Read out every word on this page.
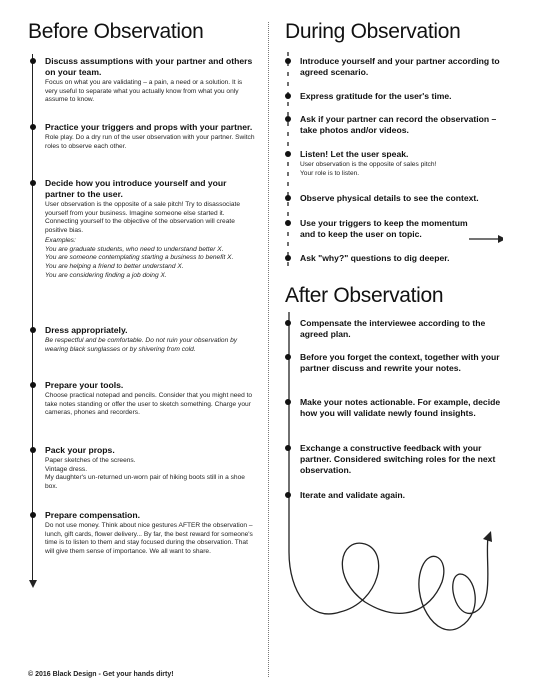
Before Observation
Discuss assumptions with your partner and others on your team.
Focus on what you are validating – a pain, a need or a solution. It is very useful to separate what you actually know from what you only assume to know.
Practice your triggers and props with your partner.
Role play. Do a dry run of the user observation with your partner. Switch roles to observe each other.
Decide how you introduce yourself and your partner to the user.
User observation is the opposite of a sale pitch! Try to disassociate yourself from your business. Imagine someone else started it. Connecting yourself to the objective of the observation will create positive bias.
Examples:
You are graduate students, who need to understand better X.
You are someone contemplating starting a business to benefit X.
You are helping a friend to better understand X.
You are considering finding a job doing X.
Dress appropriately.
Be respectful and be comfortable. Do not ruin your observation by wearing black sunglasses or by shivering from cold.
Prepare your tools.
Choose practical notepad and pencils. Consider that you might need to take notes standing or offer the user to sketch something. Charge your cameras, phones and recorders.
Pack your props.
Paper sketches of the screens.
Vintage dress.
My daughter's un-returned un-worn pair of hiking boots still in a shoe box.
Prepare compensation.
Do not use money. Think about nice gestures AFTER the observation – lunch, gift cards, flower delivery... By far, the best reward for someone's time is to listen to them and stay focused during the observation. That will give them sense of importance. We all want to share.
During Observation
Introduce yourself and your partner according to agreed scenario.
Express gratitude for the user's time.
Ask if your partner can record the observation – take photos and/or videos.
Listen! Let the user speak.
User observation is the opposite of sales pitch!
Your role is to listen.
Observe physical details to see the context.
Use your triggers to keep the momentum and to keep the user on topic.
Ask "why?" questions to dig deeper.
After Observation
Compensate the interviewee according to the agreed plan.
Before you forget the context, together with your partner discuss and rewrite your notes.
Make your notes actionable. For example, decide how you will validate newly found insights.
Exchange a constructive feedback with your partner. Considered switching roles for the next observation.
Iterate and validate again.
© 2016 Black Design - Get your hands dirty!
